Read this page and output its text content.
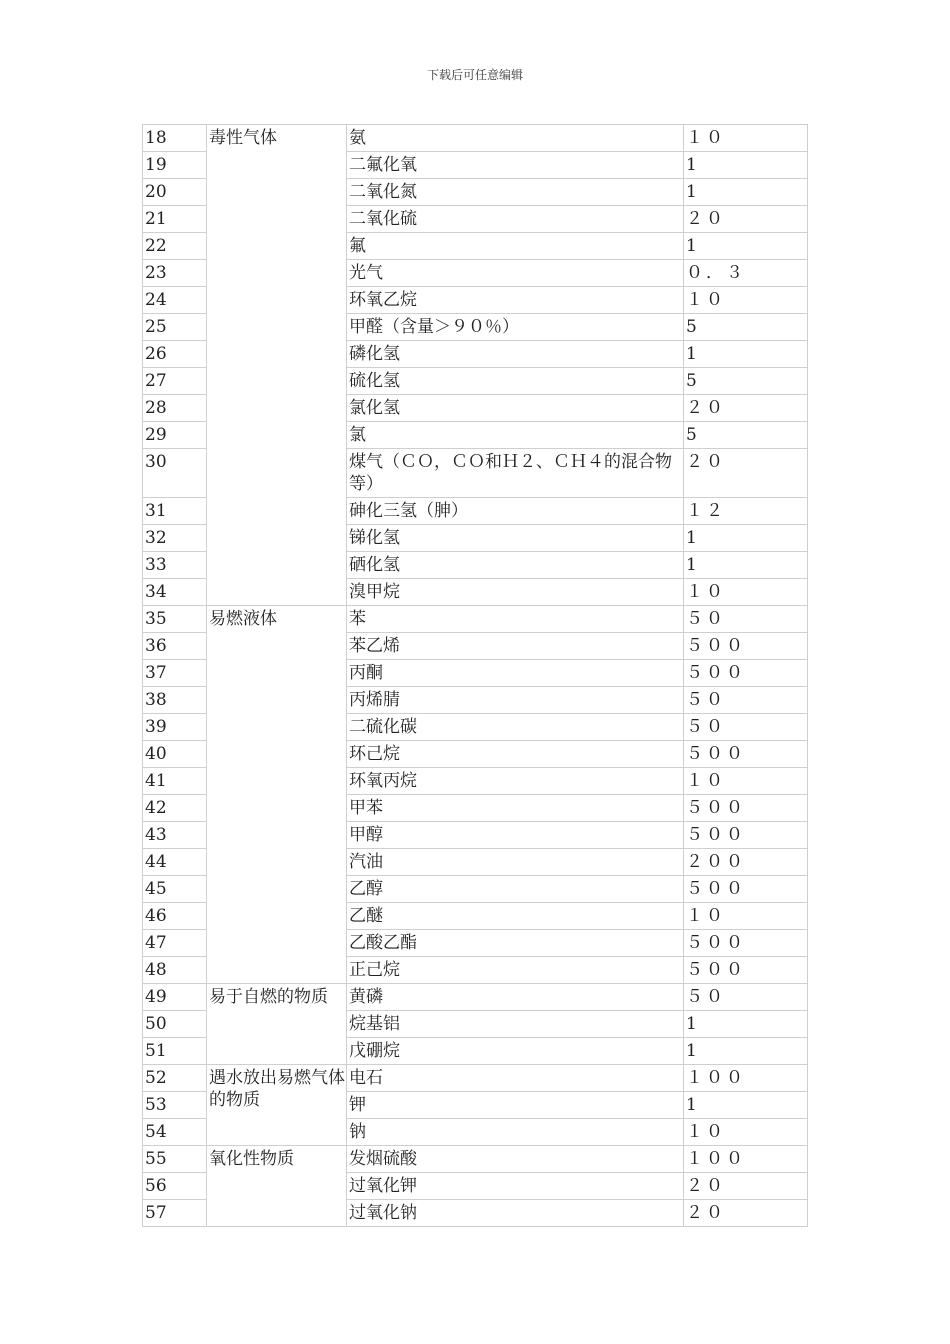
下载后可任意编辑
18	毒性气体	氨	１０
19		二氟化氧	1
20		二氧化氮	1
21		二氧化硫	２０
22		氟	1
23		光气	０．３
24		环氧乙烷	１０
25		甲醛（含量＞９０％）	5
26		磷化氢	1
27		硫化氢	5
28		氯化氢	２０
29		氯	5
30		煤气（ＣＯ，ＣＯ和Ｈ２、ＣＨ４的混合物等）	２０
31		砷化三氢（胂）	１２
32		锑化氢	1
33		硒化氢	1
34		溴甲烷	１０
35	易燃液体	苯	５０
36		苯乙烯	５００
37		丙酮	５００
38		丙烯腈	５０
39		二硫化碳	５０
40		环己烷	５００
41		环氧丙烷	１０
42		甲苯	５００
43		甲醇	５００
44		汽油	２００
45		乙醇	５００
46		乙醚	１０
47		乙酸乙酯	５００
48		正己烷	５００
49	易于自燃的物质	黄磷	５０
50		烷基铝	1
51		戊硼烷	1
52	遇水放出易燃气体的物质	电石	１００
53		钾	1
54		钠	１０
55	氧化性物质	发烟硫酸	１００
56		过氧化钾	２０
57		过氧化钠	２０
